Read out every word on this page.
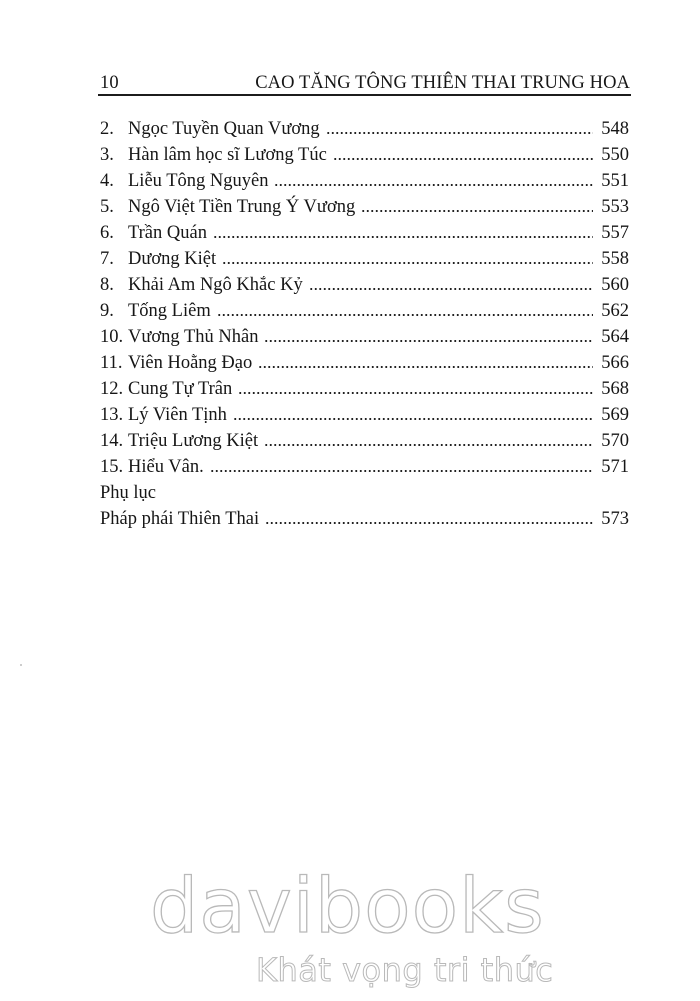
10	CAO TĂNG TÔNG THIÊN THAI TRUNG HOA
2. Ngọc Tuyền Quan Vương	548
3. Hàn lâm học sĩ Lương Túc	550
4. Liễu Tông Nguyên	551
5. Ngô Việt Tiền Trung Ý Vương	553
6. Trần Quán	557
7. Dương Kiệt	558
8. Khải Am Ngô Khắc Kỷ	560
9. Tống Liêm	562
10. Vương Thủ Nhân	564
11. Viên Hoằng Đạo	566
12. Cung Tự Trân	568
13. Lý Viên Tịnh	569
14. Triệu Lương Kiệt	570
15. Hiểu Vân.	571
Phụ lục
Pháp phái Thiên Thai	573
davibooks
Khát vọng tri thức
